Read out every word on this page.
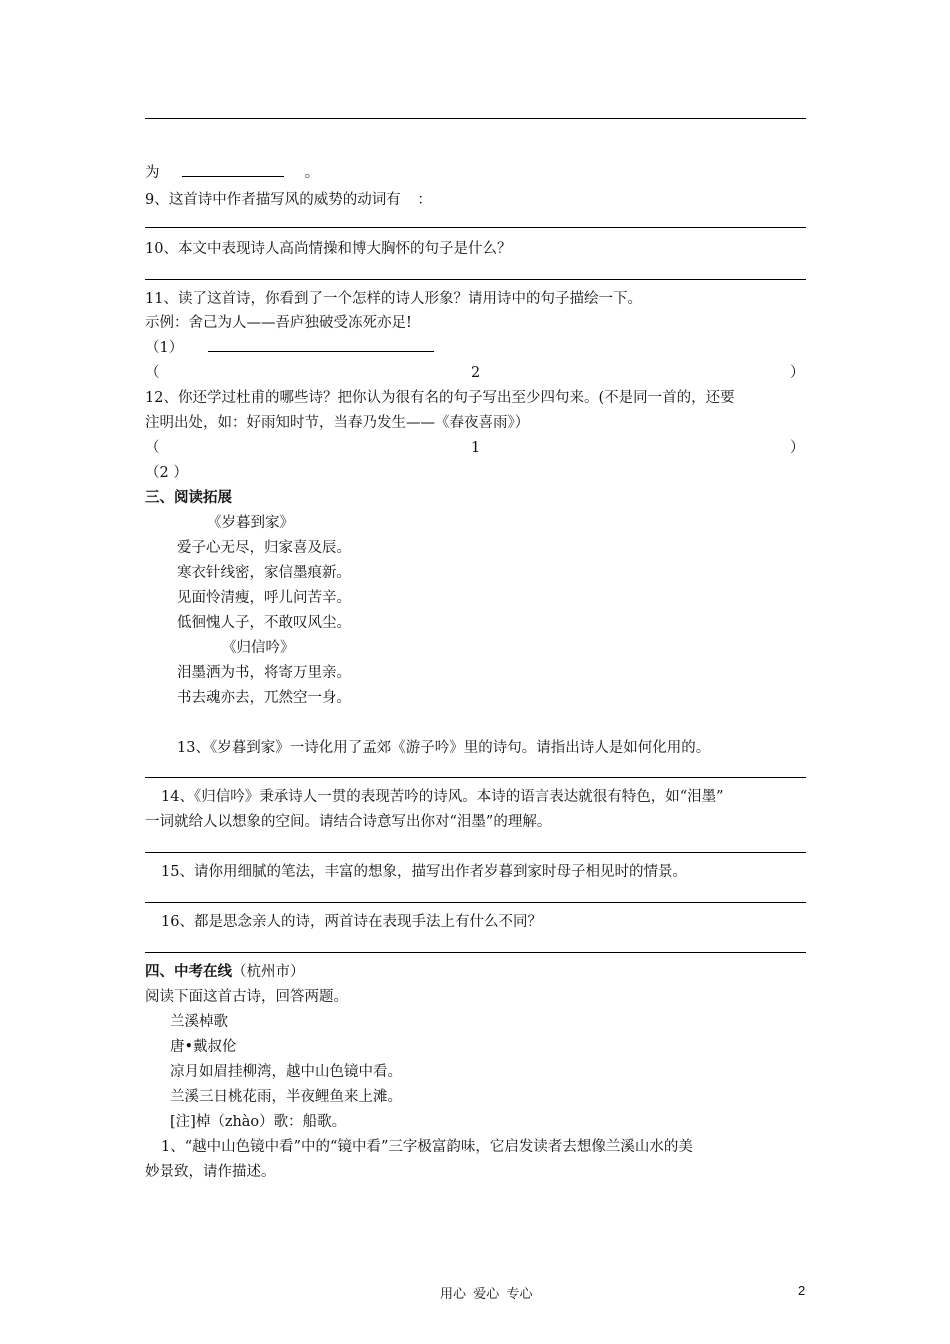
为	。
9、这首诗中作者描写风的威势的动词有 ：
10、本文中表现诗人高尚情操和博大胸怀的句子是什么？
11、读了这首诗，你看到了一个怎样的诗人形象？请用诗中的句子描绘一下。
示例：舍己为人——吾庐独破受冻死亦足!
（1）
（	2	）
12、你还学过杜甫的哪些诗？把你认为很有名的句子写出至少四句来。(不是同一首的，还要
注明出处，如：好雨知时节，当春乃发生——《春夜喜雨》）
（	1	）
（2 ）
三、阅读拓展
《岁暮到家》
爱子心无尽，归家喜及辰。
寒衣针线密，家信墨痕新。
见面怜清瘦，呼儿问苦辛。
低徊愧人子，不敢叹风尘。
《归信吟》
泪墨洒为书，将寄万里亲。
书去魂亦去，兀然空一身。
13、《岁暮到家》一诗化用了孟郊《游子吟》里的诗句。请指出诗人是如何化用的。
14、《归信吟》秉承诗人一贯的表现苦吟的诗风。本诗的语言表达就很有特色，如“泪墨”
一词就给人以想象的空间。请结合诗意写出你对“泪墨”的理解。
15、请你用细腻的笔法，丰富的想象，描写出作者岁暮到家时母子相见时的情景。
16、都是思念亲人的诗，两首诗在表现手法上有什么不同？
四、中考在线（杭州市）
阅读下面这首古诗，回答两题。
兰溪棹歌
唐•戴叔伦
凉月如眉挂柳湾，越中山色镜中看。
兰溪三日桃花雨，半夜鲤鱼来上滩。
[注]棹（zhào）歌：船歌。
1、“越中山色镜中看”中的“镜中看”三字极富韵味，它启发读者去想像兰溪山水的美
妙景致，请作描述。
用心  爱心  专心	2
